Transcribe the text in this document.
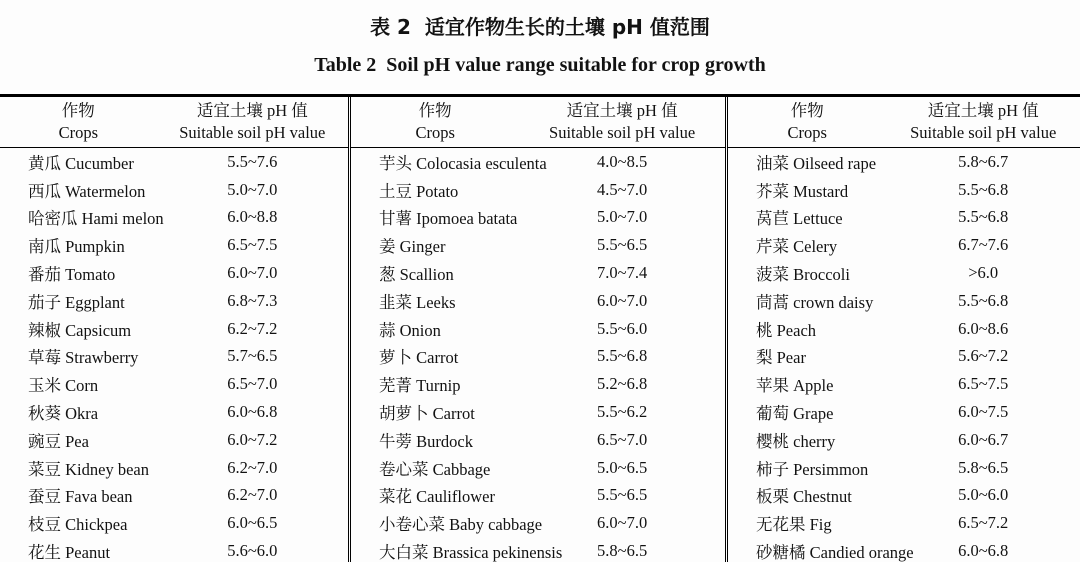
表 2  适宜作物生长的土壤 pH 值范围
Table 2  Soil pH value range suitable for crop growth
作物
Crops
适宜土壤 pH 值
Suitable soil pH value
黄瓜 Cucumber	5.5~7.6
西瓜 Watermelon	5.0~7.0
哈密瓜 Hami melon	6.0~8.8
南瓜 Pumpkin	6.5~7.5
番茄 Tomato	6.0~7.0
茄子 Eggplant	6.8~7.3
辣椒 Capsicum	6.2~7.2
草莓 Strawberry	5.7~6.5
玉米 Corn	6.5~7.0
秋葵 Okra	6.0~6.8
豌豆 Pea	6.0~7.2
菜豆 Kidney bean	6.2~7.0
蚕豆 Fava bean	6.2~7.0
枝豆 Chickpea	6.0~6.5
花生 Peanut	5.6~6.0
作物
Crops
适宜土壤 pH 值
Suitable soil pH value
芋头 Colocasia esculenta	4.0~8.5
土豆 Potato	4.5~7.0
甘薯 Ipomoea batata	5.0~7.0
姜 Ginger	5.5~6.5
葱 Scallion	7.0~7.4
韭菜 Leeks	6.0~7.0
蒜 Onion	5.5~6.0
萝卜 Carrot	5.5~6.8
芜菁 Turnip	5.2~6.8
胡萝卜 Carrot	5.5~6.2
牛蒡 Burdock	6.5~7.0
卷心菜 Cabbage	5.0~6.5
菜花 Cauliflower	5.5~6.5
小卷心菜 Baby cabbage	6.0~7.0
大白菜 Brassica pekinensis	5.8~6.5
作物
Crops
适宜土壤 pH 值
Suitable soil pH value
油菜 Oilseed rape	5.8~6.7
芥菜 Mustard	5.5~6.8
莴苣 Lettuce	5.5~6.8
芹菜 Celery	6.7~7.6
菠菜 Broccoli	>6.0
茼蒿 crown daisy	5.5~6.8
桃 Peach	6.0~8.6
梨 Pear	5.6~7.2
苹果 Apple	6.5~7.5
葡萄 Grape	6.0~7.5
樱桃 cherry	6.0~6.7
柿子 Persimmon	5.8~6.5
板栗 Chestnut	5.0~6.0
无花果 Fig	6.5~7.2
砂糖橘 Candied orange	6.0~6.8
